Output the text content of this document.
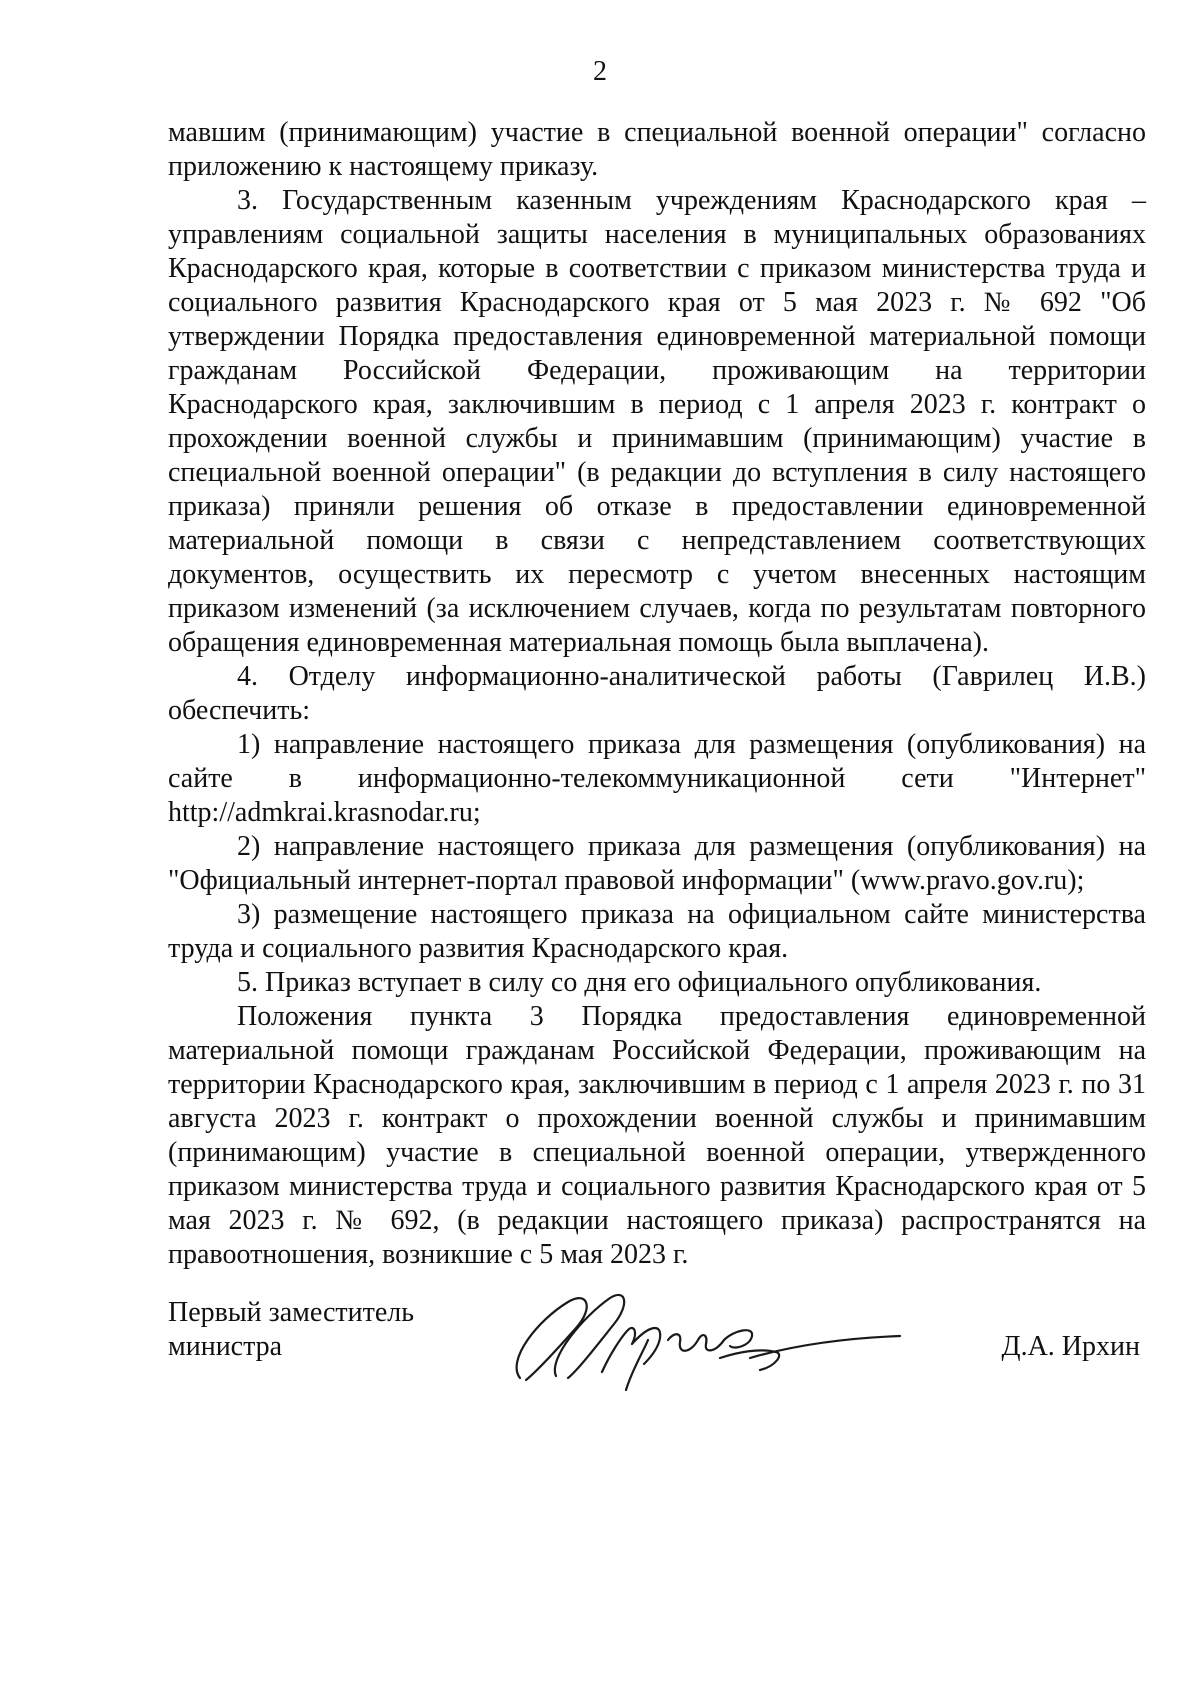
2

мавшим (принимающим) участие в специальной военной операции" согласно приложению к настоящему приказу.

3. Государственным казенным учреждениям Краснодарского края – управлениям социальной защиты населения в муниципальных образованиях Краснодарского края, которые в соответствии с приказом министерства труда и социального развития Краснодарского края от 5 мая 2023 г. № 692 "Об утверждении Порядка предоставления единовременной материальной помощи гражданам Российской Федерации, проживающим на территории Краснодарского края, заключившим в период с 1 апреля 2023 г. контракт о прохождении военной службы и принимавшим (принимающим) участие в специальной военной операции" (в редакции до вступления в силу настоящего приказа) приняли решения об отказе в предоставлении единовременной материальной помощи в связи с непредставлением соответствующих документов, осуществить их пересмотр с учетом внесенных настоящим приказом изменений (за исключением случаев, когда по результатам повторного обращения единовременная материальная помощь была выплачена).

4. Отделу информационно-аналитической работы (Гаврилец И.В.) обеспечить:

1) направление настоящего приказа для размещения (опубликования) на сайте в информационно-телекоммуникационной сети "Интернет" http://admkrai.krasnodar.ru;

2) направление настоящего приказа для размещения (опубликования) на "Официальный интернет-портал правовой информации" (www.pravo.gov.ru);

3) размещение настоящего приказа на официальном сайте министерства труда и социального развития Краснодарского края.

5. Приказ вступает в силу со дня его официального опубликования.

Положения пункта 3 Порядка предоставления единовременной материальной помощи гражданам Российской Федерации, проживающим на территории Краснодарского края, заключившим в период с 1 апреля 2023 г. по 31 августа 2023 г. контракт о прохождении военной службы и принимавшим (принимающим) участие в специальной военной операции, утвержденного приказом министерства труда и социального развития Краснодарского края от 5 мая 2023 г. № 692, (в редакции настоящего приказа) распространятся на правоотношения, возникшие с 5 мая 2023 г.

Первый заместитель
министра	Д.А. Ирхин
